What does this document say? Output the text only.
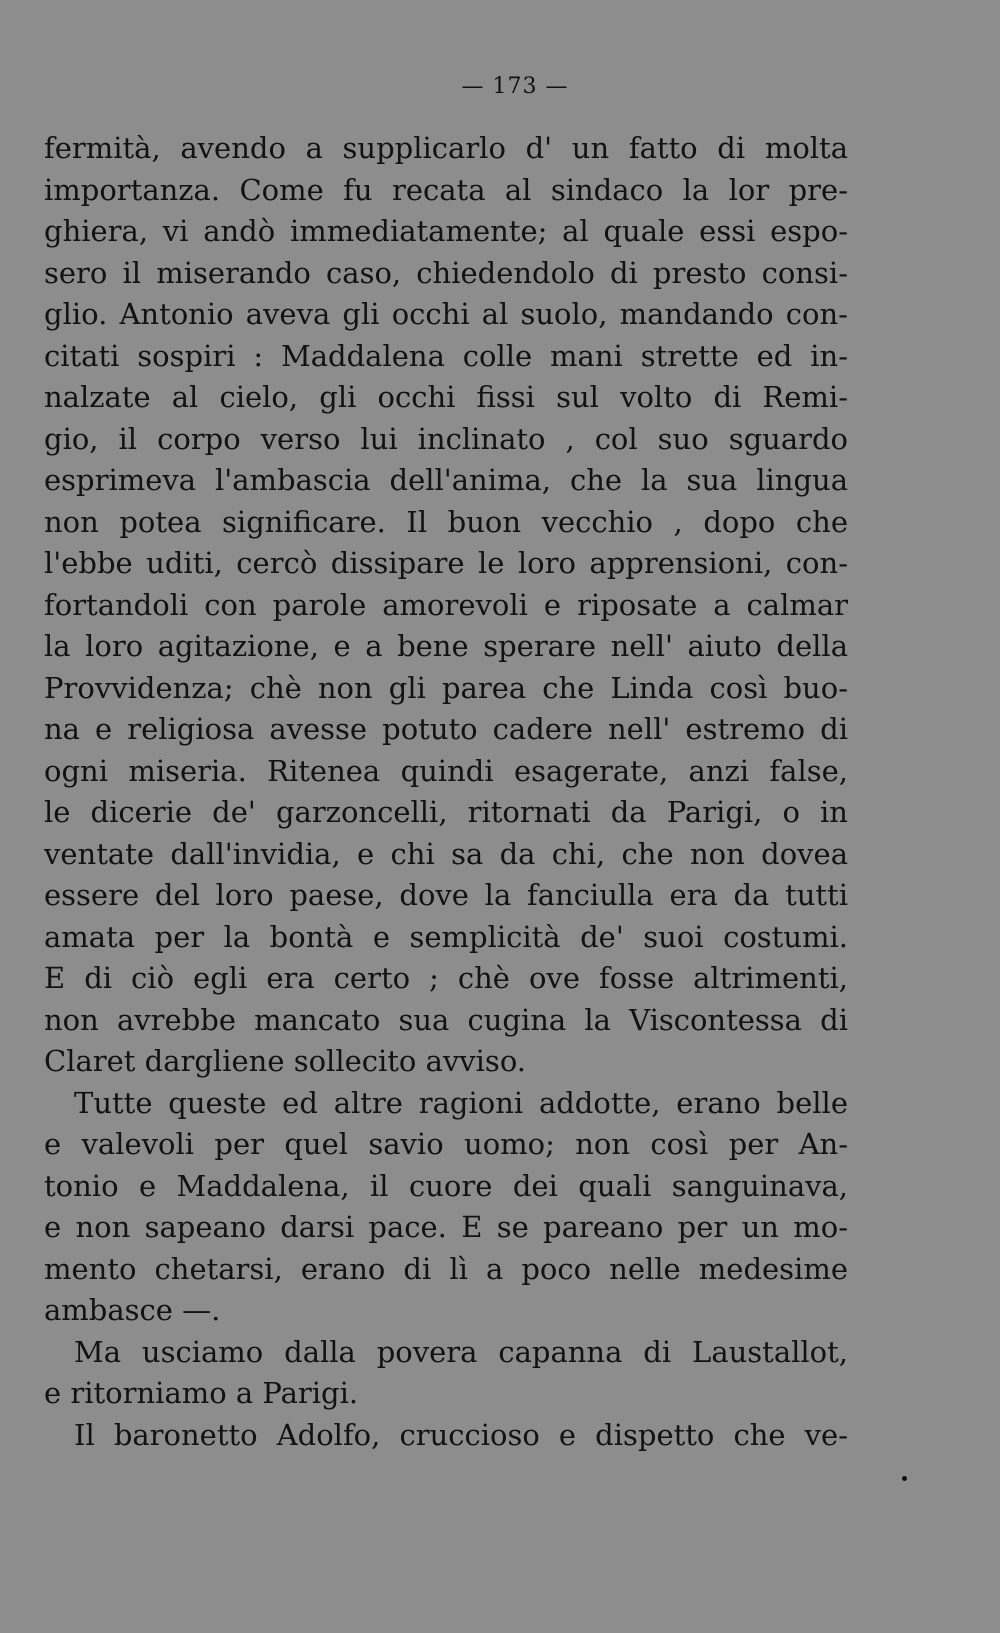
— 173 —
fermità, avendo a supplicarlo d' un fatto di molta
importanza. Come fu recata al sindaco la lor pre-
ghiera, vi andò immediatamente; al quale essi espo-
sero il miserando caso, chiedendolo di presto consi-
glio. Antonio aveva gli occhi al suolo, mandando con-
citati sospiri : Maddalena colle mani strette ed in-
nalzate al cielo, gli occhi fissi sul volto di Remi-
gio, il corpo verso lui inclinato , col suo sguardo
esprimeva l'ambascia dell'anima, che la sua lingua
non potea significare. Il buon vecchio , dopo che
l'ebbe uditi, cercò dissipare le loro apprensioni, con-
fortandoli con parole amorevoli e riposate a calmar
la loro agitazione, e a bene sperare nell' aiuto della
Provvidenza; chè non gli parea che Linda così buo-
na e religiosa avesse potuto cadere nell' estremo di
ogni miseria. Ritenea quindi esagerate, anzi false,
le dicerie de' garzoncelli, ritornati da Parigi, o in
ventate dall'invidia, e chi sa da chi, che non dovea
essere del loro paese, dove la fanciulla era da tutti
amata per la bontà e semplicità de' suoi costumi.
E di ciò egli era certo ; chè ove fosse altrimenti,
non avrebbe mancato sua cugina la Viscontessa di
Claret dargliene sollecito avviso.
Tutte queste ed altre ragioni addotte, erano belle
e valevoli per quel savio uomo; non così per An-
tonio e Maddalena, il cuore dei quali sanguinava,
e non sapeano darsi pace. E se pareano per un mo-
mento chetarsi, erano di lì a poco nelle medesime
ambasce —.
Ma usciamo dalla povera capanna di Laustallot,
e ritorniamo a Parigi.
Il baronetto Adolfo, cruccioso e dispetto che ve-
